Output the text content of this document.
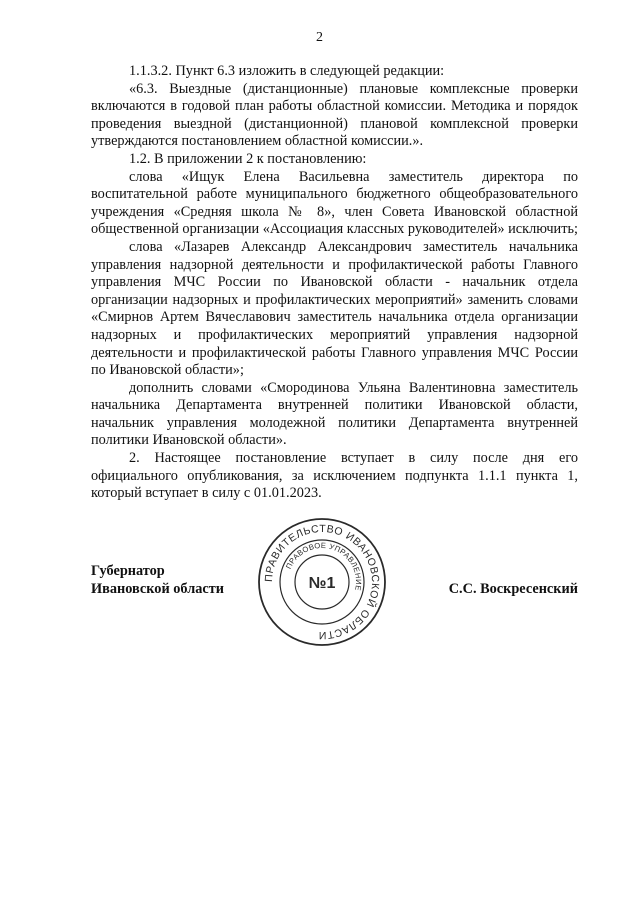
2

1.1.3.2. Пункт 6.3 изложить в следующей редакции:

«6.3. Выездные (дистанционные) плановые комплексные проверки включаются в годовой план работы областной комиссии. Методика и порядок проведения выездной (дистанционной) плановой комплексной проверки утверждаются постановлением областной комиссии.».

1.2. В приложении 2 к постановлению:

слова «Ищук Елена Васильевна заместитель директора по воспитательной работе муниципального бюджетного общеобразовательного учреждения «Средняя школа № 8», член Совета Ивановской областной общественной организации «Ассоциация классных руководителей» исключить;

слова «Лазарев Александр Александрович заместитель начальника управления надзорной деятельности и профилактической работы Главного управления МЧС России по Ивановской области - начальник отдела организации надзорных и профилактических мероприятий» заменить словами «Смирнов Артем Вячеславович заместитель начальника отдела организации надзорных и профилактических мероприятий управления надзорной деятельности и профилактической работы Главного управления МЧС России по Ивановской области»;

дополнить словами «Смородинова Ульяна Валентиновна заместитель начальника Департамента внутренней политики Ивановской области, начальник управления молодежной политики Департамента внутренней политики Ивановской области».

2. Настоящее постановление вступает в силу после дня его официального опубликования, за исключением подпункта 1.1.1 пункта 1, который вступает в силу с 01.01.2023.

Губернатор
Ивановской области	С.С. Воскресенский
ПРАВИТЕЛЬСТВО ИВАНОВСКОЙ ОБЛАСТИ
ПРАВОВОЕ УПРАВЛЕНИЕ
№1
